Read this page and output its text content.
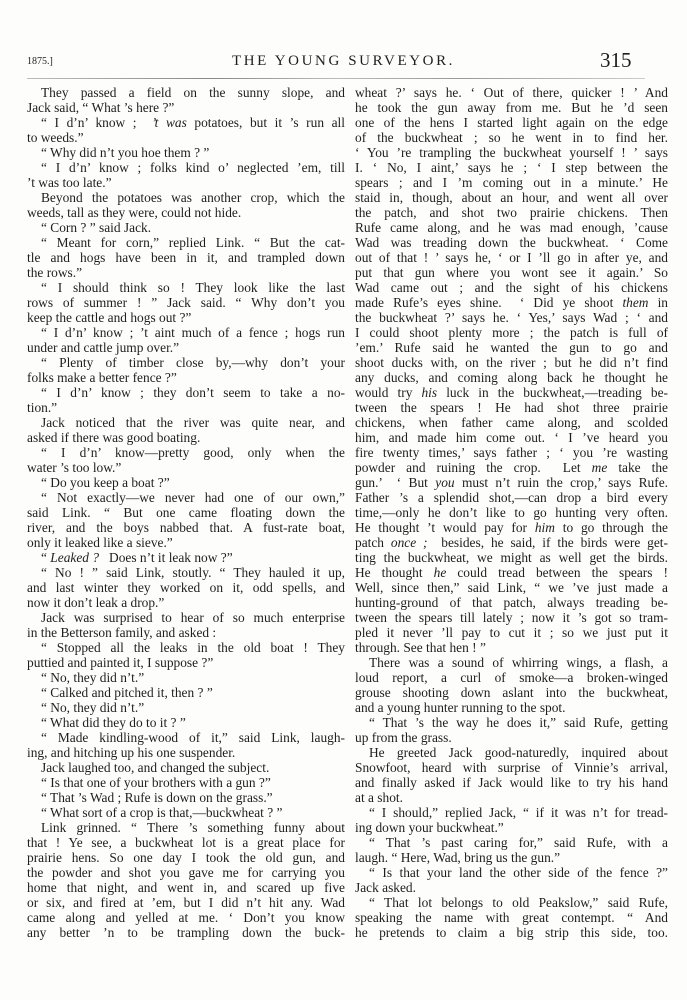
1875.]	THE YOUNG SURVEYOR.	315
They passed a field on the sunny slope, and
Jack said, “ What ’s here ?”
“ I d’n’ know ;  ’t was potatoes, but it ’s run all
to weeds.”
“ Why did n’t you hoe them ? ”
“ I d’n’ know ; folks kind o’ neglected ’em, till
’t was too late.”
Beyond the potatoes was another crop, which the
weeds, tall as they were, could not hide.
“ Corn ? ” said Jack.
“ Meant for corn,” replied Link. “ But the cat-
tle and hogs have been in it, and trampled down
the rows.”
“ I should think so ! They look like the last
rows of summer ! ” Jack said. “ Why don’t you
keep the cattle and hogs out ?”
“ I d’n’ know ; ’t aint much of a fence ; hogs run
under and cattle jump over.”
“ Plenty of timber close by,—why don’t your
folks make a better fence ?”
“ I d’n’ know ; they don’t seem to take a no-
tion.”
Jack noticed that the river was quite near, and
asked if there was good boating.
“ I d’n’ know—pretty good, only when the
water ’s too low.”
“ Do you keep a boat ?”
“ Not exactly—we never had one of our own,”
said Link. “ But one came floating down the
river, and the boys nabbed that. A fust-rate boat,
only it leaked like a sieve.”
“ Leaked ?   Does n’t it leak now ?”
“ No ! ” said Link, stoutly. “ They hauled it up,
and last winter they worked on it, odd spells, and
now it don’t leak a drop.”
Jack was surprised to hear of so much enterprise
in the Betterson family, and asked :
“ Stopped all the leaks in the old boat ! They
puttied and painted it, I suppose ?”
“ No, they did n’t.”
“ Calked and pitched it, then ? ”
“ No, they did n’t.”
“ What did they do to it ? ”
“ Made kindling-wood of it,” said Link, laugh-
ing, and hitching up his one suspender.
Jack laughed too, and changed the subject.
“ Is that one of your brothers with a gun ?”
“ That ’s Wad ; Rufe is down on the grass.”
“ What sort of a crop is that,—buckwheat ? ”
Link grinned. “ There ’s something funny about
that ! Ye see, a buckwheat lot is a great place for
prairie hens. So one day I took the old gun, and
the powder and shot you gave me for carrying you
home that night, and went in, and scared up five
or six, and fired at ’em, but I did n’t hit any. Wad
came along and yelled at me. ‘ Don’t you know
any better ’n to be trampling down the buck-
wheat ?’ says he. ‘ Out of there, quicker ! ’ And
he took the gun away from me. But he ’d seen
one of the hens I started light again on the edge
of the buckwheat ; so he went in to find her.
‘ You ’re trampling the buckwheat yourself ! ’ says
I. ‘ No, I aint,’ says he ; ‘ I step between the
spears ; and I ’m coming out in a minute.’ He
staid in, though, about an hour, and went all over
the patch, and shot two prairie chickens. Then
Rufe came along, and he was mad enough, ’cause
Wad was treading down the buckwheat. ‘ Come
out of that ! ’ says he, ‘ or I ’ll go in after ye, and
put that gun where you wont see it again.’ So
Wad came out ; and the sight of his chickens
made Rufe’s eyes shine.  ‘ Did ye shoot them in
the buckwheat ?’ says he. ‘ Yes,’ says Wad ; ‘ and
I could shoot plenty more ; the patch is full of
’em.’ Rufe said he wanted the gun to go and
shoot ducks with, on the river ; but he did n’t find
any ducks, and coming along back he thought he
would try his luck in the buckwheat,—treading be-
tween the spears ! He had shot three prairie
chickens, when father came along, and scolded
him, and made him come out. ‘ I ’ve heard you
fire twenty times,’ says father ; ‘ you ’re wasting
powder and ruining the crop.  Let me take the
gun.’  ‘ But you must n’t ruin the crop,’ says Rufe.
Father ’s a splendid shot,—can drop a bird every
time,—only he don’t like to go hunting very often.
He thought ’t would pay for him to go through the
patch once ;  besides, he said, if the birds were get-
ting the buckwheat, we might as well get the birds.
He thought he could tread between the spears !
Well, since then,” said Link, “ we ’ve just made a
hunting-ground of that patch, always treading be-
tween the spears till lately ; now it ’s got so tram-
pled it never ’ll pay to cut it ; so we just put it
through. See that hen ! ”
There was a sound of whirring wings, a flash, a
loud report, a curl of smoke—a broken-winged
grouse shooting down aslant into the buckwheat,
and a young hunter running to the spot.
“ That ’s the way he does it,” said Rufe, getting
up from the grass.
He greeted Jack good-naturedly, inquired about
Snowfoot, heard with surprise of Vinnie’s arrival,
and finally asked if Jack would like to try his hand
at a shot.
“ I should,” replied Jack, “ if it was n’t for tread-
ing down your buckwheat.”
“ That ’s past caring for,” said Rufe, with a
laugh. “ Here, Wad, bring us the gun.”
“ Is that your land the other side of the fence ?”
Jack asked.
“ That lot belongs to old Peakslow,” said Rufe,
speaking the name with great contempt. “ And
he pretends to claim a big strip this side, too.
